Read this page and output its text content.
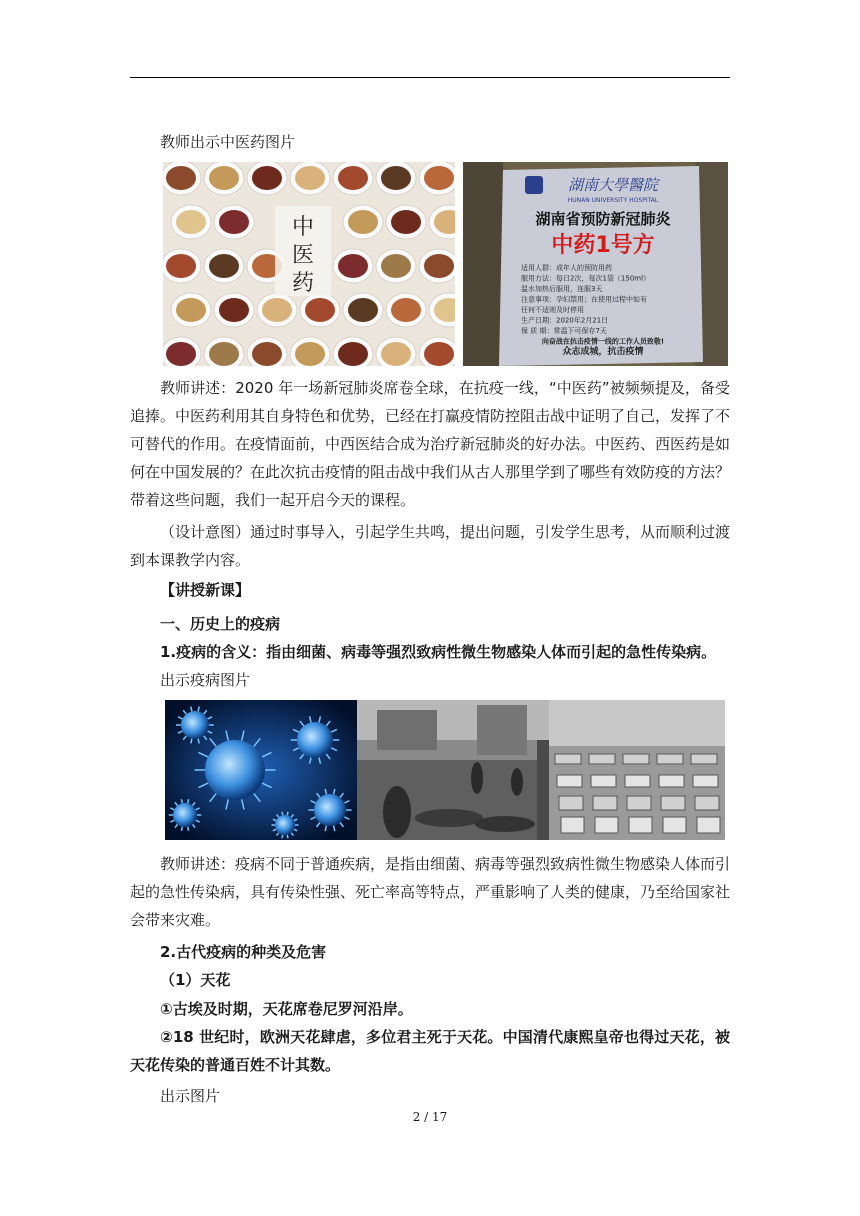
教师出示中医药图片

中
医
药
湖南大學醫院
HUNAN UNIVERSITY HOSPITAL
湖南省预防新冠肺炎
中药1号方
适用人群：成年人的预防用药
服用方法：每日2次，每次1袋（150ml）
温水加热后服用，连服3天
注意事项：孕妇禁用；在使用过程中如有
任何不适则及时停用
生产日期：2020年2月21日
保 质 期：常温下可保存7天
向奋战在抗击疫情一线的工作人员致敬!
众志成城，抗击疫情

教师讲述：2020 年一场新冠肺炎席卷全球，在抗疫一线，“中医药”被频频提及，备受追捧。中医药利用其自身特色和优势，已经在打赢疫情防控阻击战中证明了自己，发挥了不可替代的作用。在疫情面前，中西医结合成为治疗新冠肺炎的好办法。中医药、西医药是如何在中国发展的？在此次抗击疫情的阻击战中我们从古人那里学到了哪些有效防疫的方法？带着这些问题，我们一起开启今天的课程。

（设计意图）通过时事导入，引起学生共鸣，提出问题，引发学生思考，从而顺利过渡到本课教学内容。

【讲授新课】

一、历史上的疫病

1.疫病的含义：指由细菌、病毒等强烈致病性微生物感染人体而引起的急性传染病。

出示疫病图片

教师讲述：疫病不同于普通疾病，是指由细菌、病毒等强烈致病性微生物感染人体而引起的急性传染病，具有传染性强、死亡率高等特点，严重影响了人类的健康，乃至给国家社会带来灾难。

2.古代疫病的种类及危害

（1）天花

①古埃及时期，天花席卷尼罗河沿岸。

②18 世纪时，欧洲天花肆虐，多位君主死于天花。中国清代康熙皇帝也得过天花，被天花传染的普通百姓不计其数。

出示图片

2 / 17
